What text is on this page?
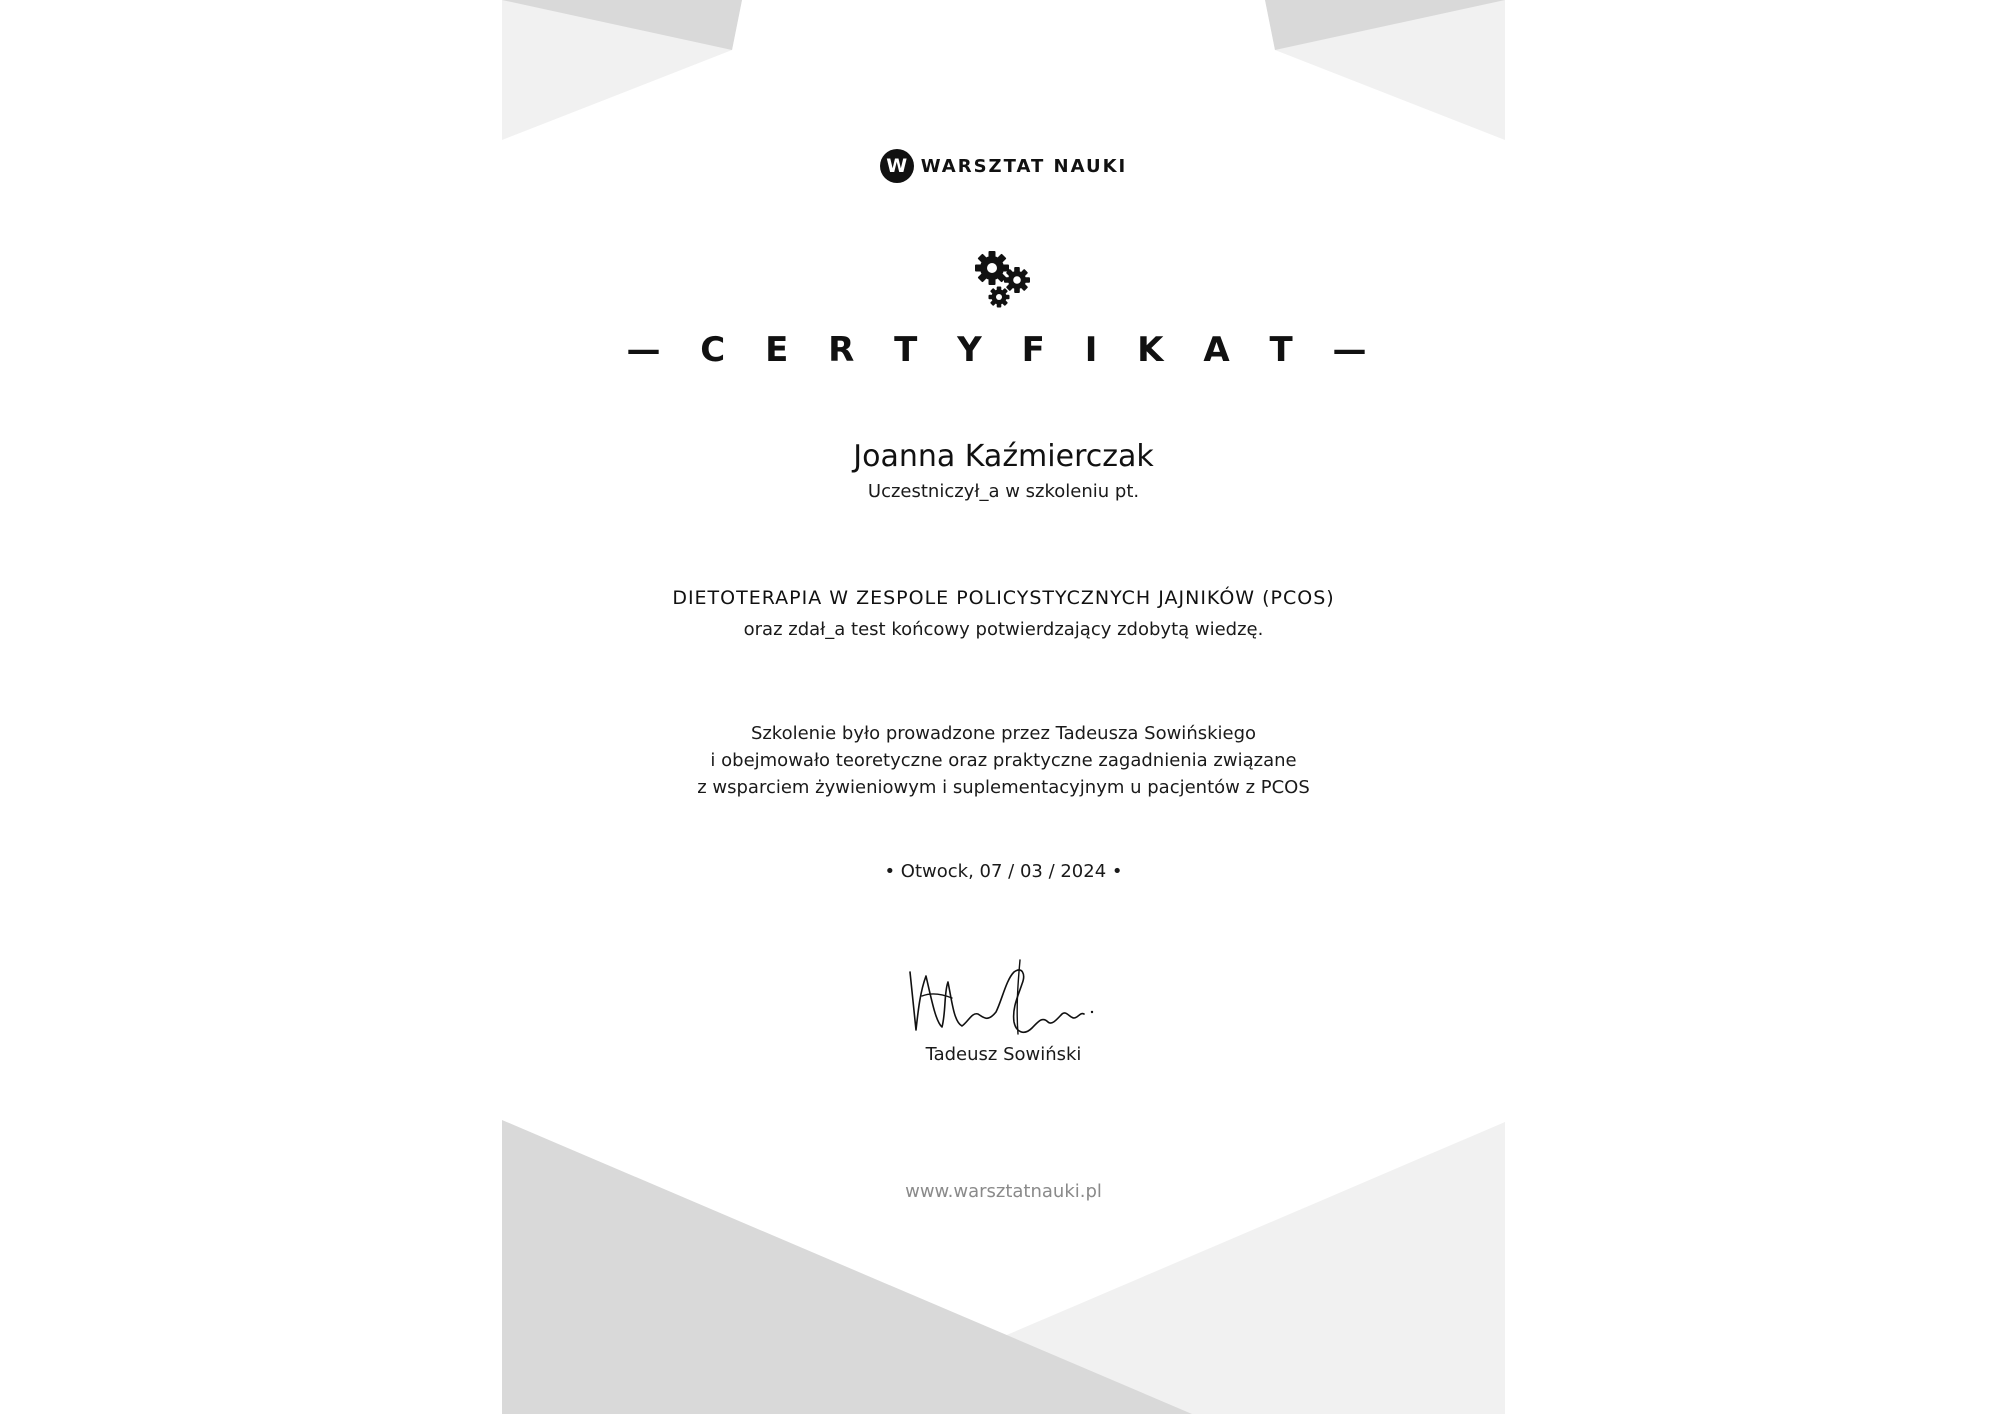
W WARSZTAT NAUKI
— C E R T Y F I K A T —
Joanna Kaźmierczak
Uczestniczył_a w szkoleniu pt.
DIETOTERAPIA W ZESPOLE POLICYSTYCZNYCH JAJNIKÓW (PCOS)
oraz zdał_a test końcowy potwierdzający zdobytą wiedzę.
Szkolenie było prowadzone przez Tadeusza Sowińskiego
i obejmowało teoretyczne oraz praktyczne zagadnienia związane
z wsparciem żywieniowym i suplementacyjnym u pacjentów z PCOS
• Otwock, 07 / 03 / 2024 •
Tadeusz Sowiński
www.warsztatnauki.pl
